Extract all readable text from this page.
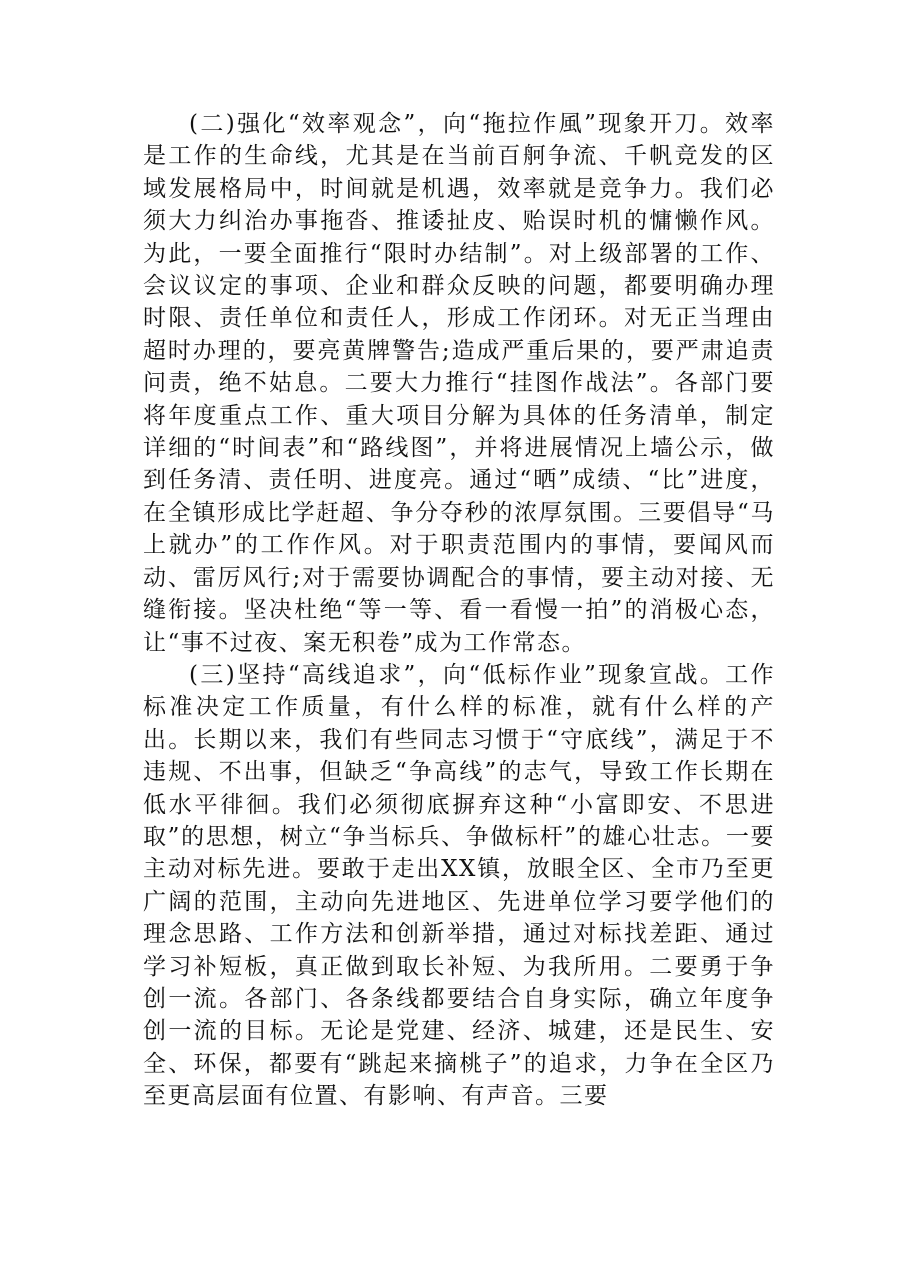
(二)强化“效率观念”，向“拖拉作風”现象开刀。效率是工作的生命线，尤其是在当前百舸争流、千帆竞发的区域发展格局中，时间就是机遇，效率就是竞争力。我们必须大力纠治办事拖沓、推诿扯皮、贻误时机的慵懒作风。为此，一要全面推行“限时办结制”。对上级部署的工作、会议议定的事项、企业和群众反映的问题，都要明确办理时限、责任单位和责任人，形成工作闭环。对无正当理由超时办理的，要亮黄牌警告;造成严重后果的，要严肃追责问责，绝不姑息。二要大力推行“挂图作战法”。各部门要将年度重点工作、重大项目分解为具体的任务清单，制定详细的“时间表”和“路线图”，并将进展情况上墙公示，做到任务清、责任明、进度亮。通过“晒”成绩、“比”进度，在全镇形成比学赶超、争分夺秒的浓厚氛围。三要倡导“马上就办”的工作作风。对于职责范围内的事情，要闻风而动、雷厉风行;对于需要协调配合的事情，要主动对接、无缝衔接。坚决杜绝“等一等、看一看慢一拍”的消极心态，让“事不过夜、案无积卷”成为工作常态。

(三)坚持“高线追求”，向“低标作业”现象宣战。工作标准决定工作质量，有什么样的标准，就有什么样的产出。长期以来，我们有些同志习惯于“守底线”，满足于不违规、不出事，但缺乏“争高线”的志气，导致工作长期在低水平徘徊。我们必须彻底摒弃这种“小富即安、不思进取”的思想，树立“争当标兵、争做标杆”的雄心壮志。一要主动对标先进。要敢于走出XX镇，放眼全区、全市乃至更广阔的范围，主动向先进地区、先进单位学习要学他们的理念思路、工作方法和创新举措，通过对标找差距、通过学习补短板，真正做到取长补短、为我所用。二要勇于争创一流。各部门、各条线都要结合自身实际，确立年度争创一流的目标。无论是党建、经济、城建，还是民生、安全、环保，都要有“跳起来摘桃子”的追求，力争在全区乃至更高层面有位置、有影响、有声音。三要
